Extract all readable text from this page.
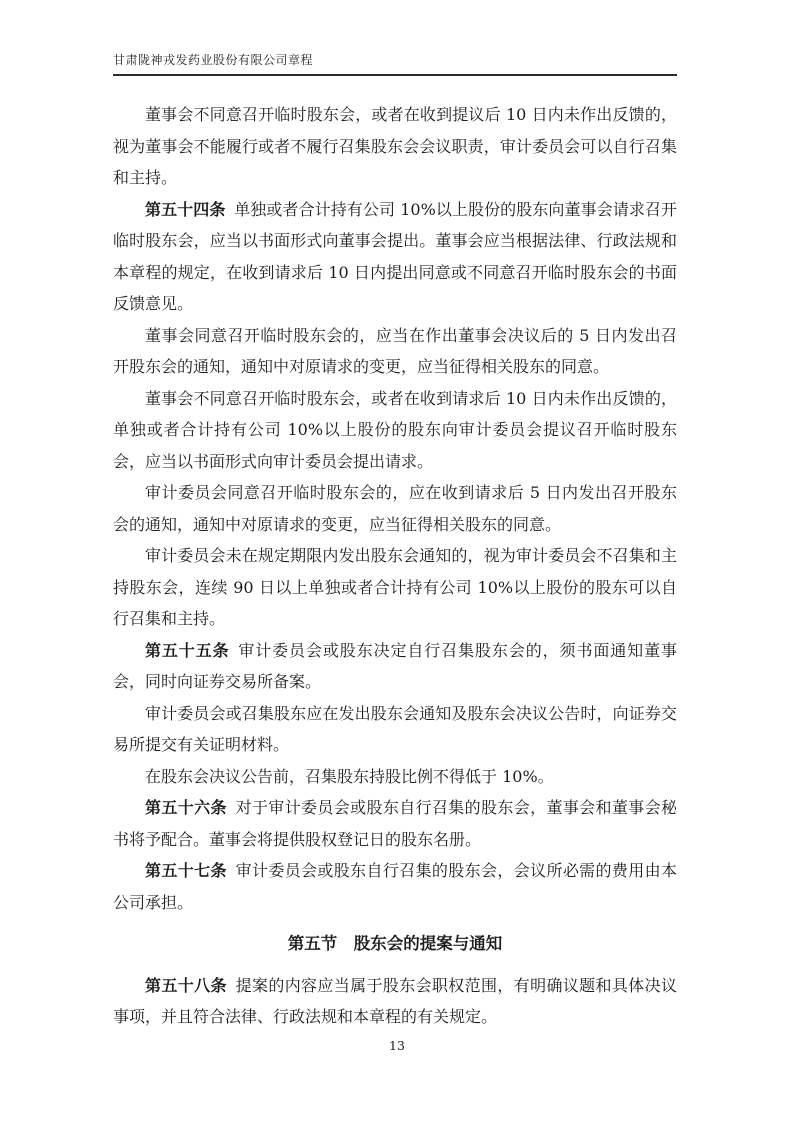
甘肃陇神戎发药业股份有限公司章程

董事会不同意召开临时股东会，或者在收到提议后 10 日内未作出反馈的，视为董事会不能履行或者不履行召集股东会会议职责，审计委员会可以自行召集和主持。

第五十四条 单独或者合计持有公司 10%以上股份的股东向董事会请求召开临时股东会，应当以书面形式向董事会提出。董事会应当根据法律、行政法规和本章程的规定，在收到请求后 10 日内提出同意或不同意召开临时股东会的书面反馈意见。

董事会同意召开临时股东会的，应当在作出董事会决议后的 5 日内发出召开股东会的通知，通知中对原请求的变更，应当征得相关股东的同意。

董事会不同意召开临时股东会，或者在收到请求后 10 日内未作出反馈的，单独或者合计持有公司 10%以上股份的股东向审计委员会提议召开临时股东会，应当以书面形式向审计委员会提出请求。

审计委员会同意召开临时股东会的，应在收到请求后 5 日内发出召开股东会的通知，通知中对原请求的变更，应当征得相关股东的同意。

审计委员会未在规定期限内发出股东会通知的，视为审计委员会不召集和主持股东会，连续 90 日以上单独或者合计持有公司 10%以上股份的股东可以自行召集和主持。

第五十五条 审计委员会或股东决定自行召集股东会的，须书面通知董事会，同时向证券交易所备案。

审计委员会或召集股东应在发出股东会通知及股东会决议公告时，向证券交易所提交有关证明材料。

在股东会决议公告前，召集股东持股比例不得低于 10%。

第五十六条 对于审计委员会或股东自行召集的股东会，董事会和董事会秘书将予配合。董事会将提供股权登记日的股东名册。

第五十七条 审计委员会或股东自行召集的股东会，会议所必需的费用由本公司承担。

第五节　股东会的提案与通知

第五十八条 提案的内容应当属于股东会职权范围，有明确议题和具体决议事项，并且符合法律、行政法规和本章程的有关规定。

13
